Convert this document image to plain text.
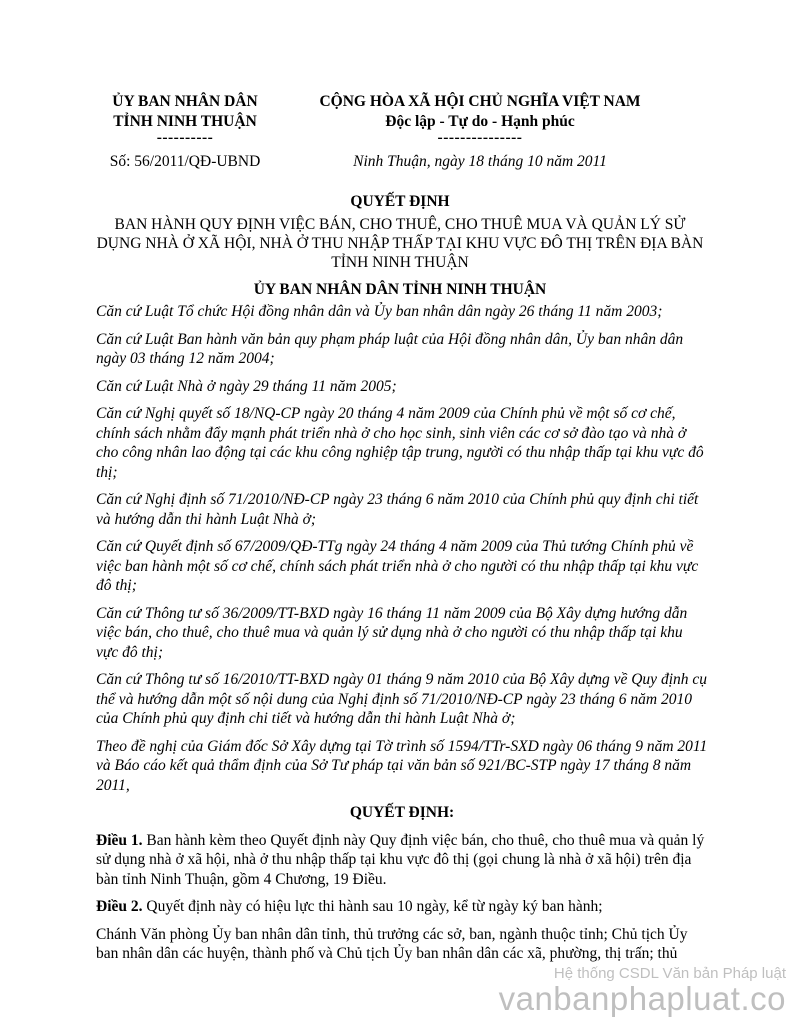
ỦY BAN NHÂN DÂN
TỈNH NINH THUẬN
----------
Số: 56/2011/QĐ-UBND
CỘNG HÒA XÃ HỘI CHỦ NGHĨA VIỆT NAM
Độc lập - Tự do - Hạnh phúc
---------------
Ninh Thuận, ngày 18 tháng 10 năm 2011
QUYẾT ĐỊNH
BAN HÀNH QUY ĐỊNH VIỆC BÁN, CHO THUÊ, CHO THUÊ MUA VÀ QUẢN LÝ SỬ DỤNG NHÀ Ở XÃ HỘI, NHÀ Ở THU NHẬP THẤP TẠI KHU VỰC ĐÔ THỊ TRÊN ĐỊA BÀN TỈNH NINH THUẬN
ỦY BAN NHÂN DÂN TỈNH NINH THUẬN

Căn cứ Luật Tổ chức Hội đồng nhân dân và Ủy ban nhân dân ngày 26 tháng 11 năm 2003;

Căn cứ Luật Ban hành văn bản quy phạm pháp luật của Hội đồng nhân dân, Ủy ban nhân dân ngày 03 tháng 12 năm 2004;

Căn cứ Luật Nhà ở ngày 29 tháng 11 năm 2005;

Căn cứ Nghị quyết số 18/NQ-CP ngày 20 tháng 4 năm 2009 của Chính phủ về một số cơ chế, chính sách nhằm đẩy mạnh phát triển nhà ở cho học sinh, sinh viên các cơ sở đào tạo và nhà ở cho công nhân lao động tại các khu công nghiệp tập trung, người có thu nhập thấp tại khu vực đô thị;

Căn cứ Nghị định số 71/2010/NĐ-CP ngày 23 tháng 6 năm 2010 của Chính phủ quy định chi tiết và hướng dẫn thi hành Luật Nhà ở;

Căn cứ Quyết định số 67/2009/QĐ-TTg ngày 24 tháng 4 năm 2009 của Thủ tướng Chính phủ về việc ban hành một số cơ chế, chính sách phát triển nhà ở cho người có thu nhập thấp tại khu vực đô thị;

Căn cứ Thông tư số 36/2009/TT-BXD ngày 16 tháng 11 năm 2009 của Bộ Xây dựng hướng dẫn việc bán, cho thuê, cho thuê mua và quản lý sử dụng nhà ở cho người có thu nhập thấp tại khu vực đô thị;

Căn cứ Thông tư số 16/2010/TT-BXD ngày 01 tháng 9 năm 2010 của Bộ Xây dựng về Quy định cụ thể và hướng dẫn một số nội dung của Nghị định số 71/2010/NĐ-CP ngày 23 tháng 6 năm 2010 của Chính phủ quy định chi tiết và hướng dẫn thi hành Luật Nhà ở;

Theo đề nghị của Giám đốc Sở Xây dựng tại Tờ trình số 1594/TTr-SXD ngày 06 tháng 9 năm 2011 và Báo cáo kết quả thẩm định của Sở Tư pháp tại văn bản số 921/BC-STP ngày 17 tháng 8 năm 2011,

QUYẾT ĐỊNH:

Điều 1. Ban hành kèm theo Quyết định này Quy định việc bán, cho thuê, cho thuê mua và quản lý sử dụng nhà ở xã hội, nhà ở thu nhập thấp tại khu vực đô thị (gọi chung là nhà ở xã hội) trên địa bàn tỉnh Ninh Thuận, gồm 4 Chương, 19 Điều.

Điều 2. Quyết định này có hiệu lực thi hành sau 10 ngày, kể từ ngày ký ban hành;

Chánh Văn phòng Ủy ban nhân dân tỉnh, thủ trưởng các sở, ban, ngành thuộc tỉnh; Chủ tịch Ủy ban nhân dân các huyện, thành phố và Chủ tịch Ủy ban nhân dân các xã, phường, thị trấn; thủ

Hệ thống CSDL Văn bản Pháp luật
vanbanphapluat.co
